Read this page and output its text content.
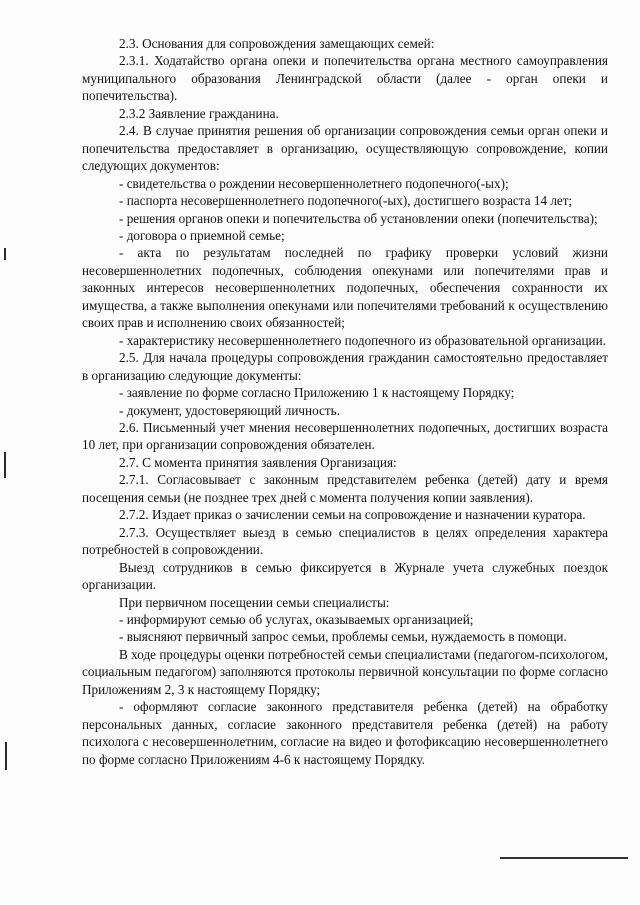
2.3. Основания для сопровождения замещающих семей:

2.3.1. Ходатайство органа опеки и попечительства органа местного самоуправления муниципального образования Ленинградской области (далее - орган опеки и попечительства).

2.3.2 Заявление гражданина.

2.4. В случае принятия решения об организации сопровождения семьи орган опеки и попечительства предоставляет в организацию, осуществляющую сопровождение, копии следующих документов:

- свидетельства о рождении несовершеннолетнего подопечного(-ых);

- паспорта несовершеннолетнего подопечного(-ых), достигшего возраста 14 лет;

- решения органов опеки и попечительства об установлении опеки (попечительства);

- договора о приемной семье;

- акта по результатам последней по графику проверки условий жизни несовершеннолетних подопечных, соблюдения опекунами или попечителями прав и законных интересов несовершеннолетних подопечных, обеспечения сохранности их имущества, а также выполнения опекунами или попечителями требований к осуществлению своих прав и исполнению своих обязанностей;

- характеристику несовершеннолетнего подопечного из образовательной организации.

2.5. Для начала процедуры сопровождения гражданин самостоятельно предоставляет в организацию следующие документы:

- заявление по форме согласно Приложению 1 к настоящему Порядку;

- документ, удостоверяющий личность.

2.6. Письменный учет мнения несовершеннолетних подопечных, достигших возраста 10 лет, при организации сопровождения обязателен.

2.7. С момента принятия заявления Организация:

2.7.1. Согласовывает с законным представителем ребенка (детей) дату и время посещения семьи (не позднее трех дней с момента получения копии заявления).

2.7.2. Издает приказ о зачислении семьи на сопровождение и назначении куратора.

2.7.3. Осуществляет выезд в семью специалистов в целях определения характера потребностей в сопровождении.

Выезд сотрудников в семью фиксируется в Журнале учета служебных поездок организации.

При первичном посещении семьи специалисты:

- информируют семью об услугах, оказываемых организацией;

- выясняют первичный запрос семьи, проблемы семьи, нуждаемость в помощи.

В ходе процедуры оценки потребностей семьи специалистами (педагогом-психологом, социальным педагогом) заполняются протоколы первичной консультации по форме согласно Приложениям 2, 3 к настоящему Порядку;

- оформляют согласие законного представителя ребенка (детей) на обработку персональных данных, согласие законного представителя ребенка (детей) на работу психолога с несовершеннолетним, согласие на видео и фотофиксацию несовершеннолетнего по форме согласно Приложениям 4-6 к настоящему Порядку.
